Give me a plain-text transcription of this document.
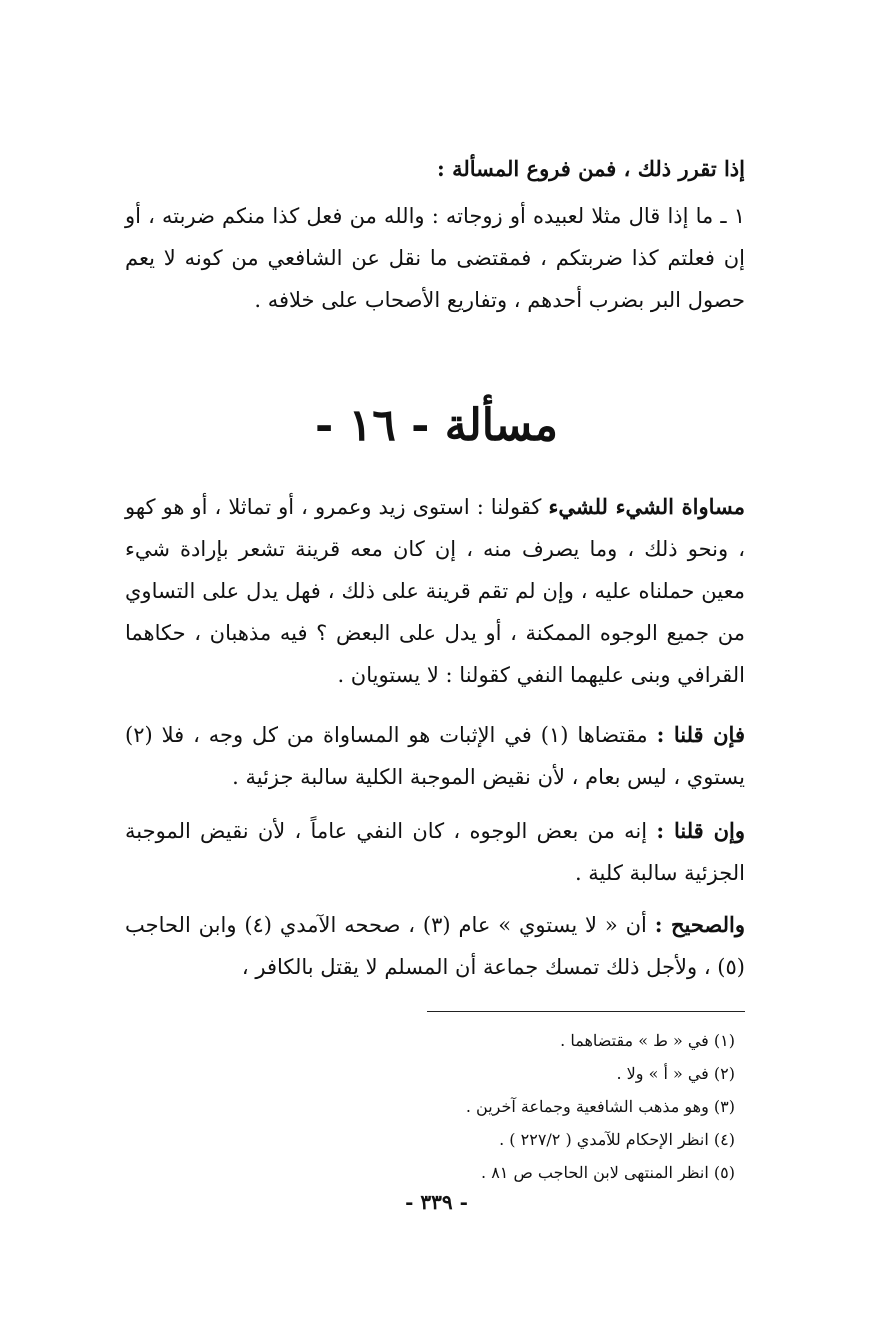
إذا تقرر ذلك ، فمن فروع المسألة :

١ ـ ما إذا قال مثلا لعبيده أو زوجاته : والله من فعل كذا منكم ضربته ، أو إن فعلتم كذا ضربتكم ، فمقتضى ما نقل عن الشافعي من كونه لا يعم حصول البر بضرب أحدهم ، وتفاريع الأصحاب على خلافه .

مسألة - ١٦ -

مساواة الشيء للشيء كقولنا : استوى زيد وعمرو ، أو تماثلا ، أو هو كهو ، ونحو ذلك ، وما يصرف منه ، إن كان معه قرينة تشعر بإرادة شيء معين حملناه عليه ، وإن لم تقم قرينة على ذلك ، فهل يدل على التساوي من جميع الوجوه الممكنة ، أو يدل على البعض ؟ فيه مذهبان ، حكاهما القرافي وبنى عليهما النفي كقولنا : لا يستويان .

فإن قلنا : مقتضاها (١) في الإثبات هو المساواة من كل وجه ، فلا (٢) يستوي ، ليس بعام ، لأن نقيض الموجبة الكلية سالبة جزئية .

وإن قلنا : إنه من بعض الوجوه ، كان النفي عاماً ، لأن نقيض الموجبة الجزئية سالبة كلية .

والصحيح : أن « لا يستوي » عام (٣) ، صححه الآمدي (٤) وابن الحاجب (٥) ، ولأجل ذلك تمسك جماعة أن المسلم لا يقتل بالكافر ،

(١) في « ط » مقتضاهما .

(٢) في « أ » ولا .

(٣) وهو مذهب الشافعية وجماعة آخرين .

(٤) انظر الإحكام للآمدي ( ٢٢٧/٢ ) .

(٥) انظر المنتهى لابن الحاجب ص ٨١ .

- ٣٣٩ -
